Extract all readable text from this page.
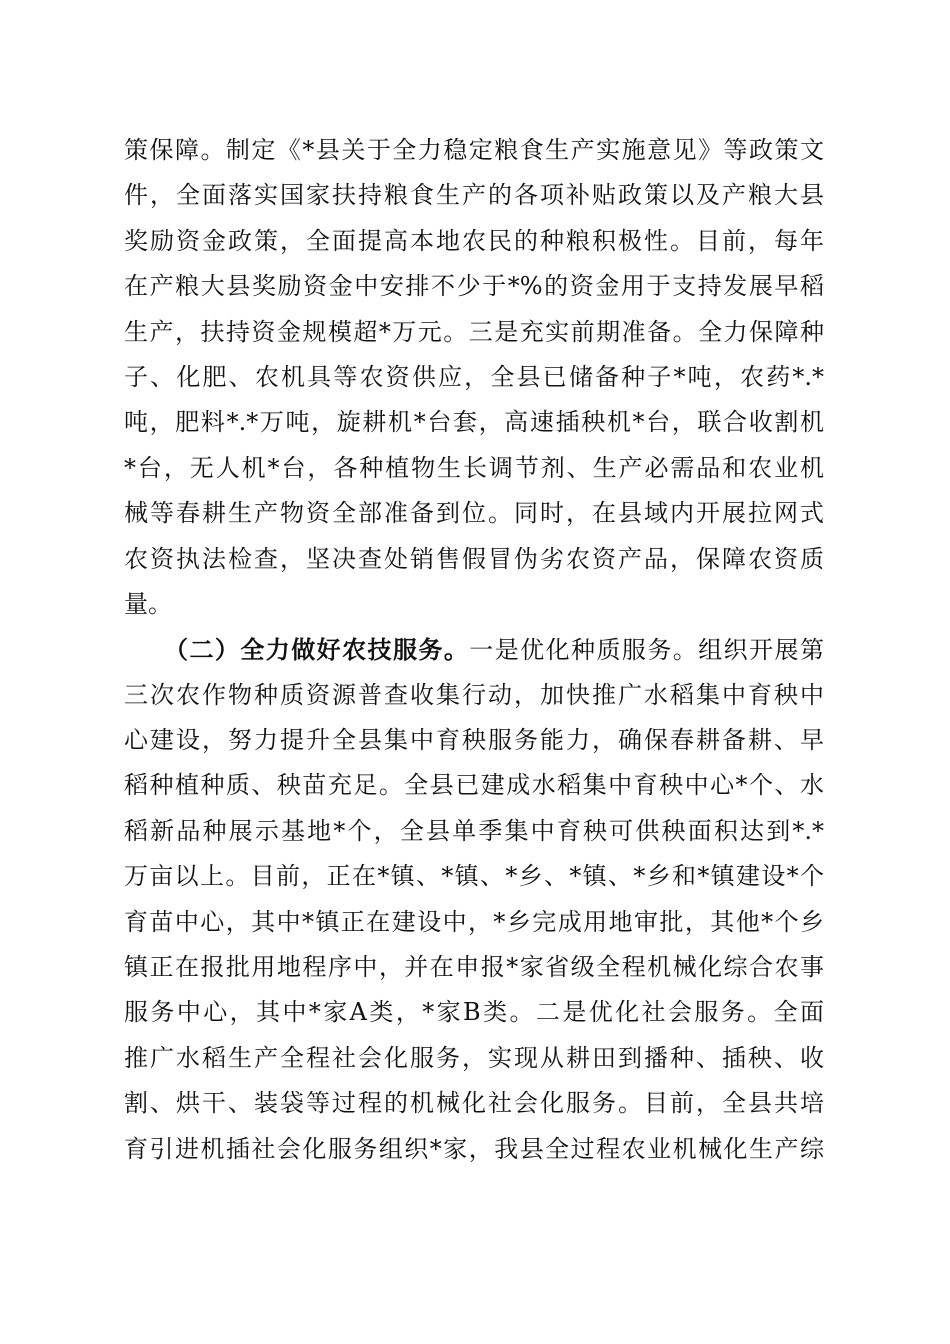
策保障。制定《*县关于全力稳定粮食生产实施意见》等政策文
件，全面落实国家扶持粮食生产的各项补贴政策以及产粮大县
奖励资金政策，全面提高本地农民的种粮积极性。目前，每年
在产粮大县奖励资金中安排不少于*%的资金用于支持发展早稻
生产，扶持资金规模超*万元。三是充实前期准备。全力保障种
子、化肥、农机具等农资供应，全县已储备种子*吨，农药*.*
吨，肥料*.*万吨，旋耕机*台套，高速插秧机*台，联合收割机
*台，无人机*台，各种植物生长调节剂、生产必需品和农业机
械等春耕生产物资全部准备到位。同时，在县域内开展拉网式
农资执法检查，坚决查处销售假冒伪劣农资产品，保障农资质
量。
（二）全力做好农技服务。一是优化种质服务。组织开展第
三次农作物种质资源普查收集行动，加快推广水稻集中育秧中
心建设，努力提升全县集中育秧服务能力，确保春耕备耕、早
稻种植种质、秧苗充足。全县已建成水稻集中育秧中心*个、水
稻新品种展示基地*个，全县单季集中育秧可供秧面积达到*.*
万亩以上。目前，正在*镇、*镇、*乡、*镇、*乡和*镇建设*个
育苗中心，其中*镇正在建设中，*乡完成用地审批，其他*个乡
镇正在报批用地程序中，并在申报*家省级全程机械化综合农事
服务中心，其中*家A类，*家B类。二是优化社会服务。全面
推广水稻生产全程社会化服务，实现从耕田到播种、插秧、收
割、烘干、装袋等过程的机械化社会化服务。目前，全县共培
育引进机插社会化服务组织*家，我县全过程农业机械化生产综
